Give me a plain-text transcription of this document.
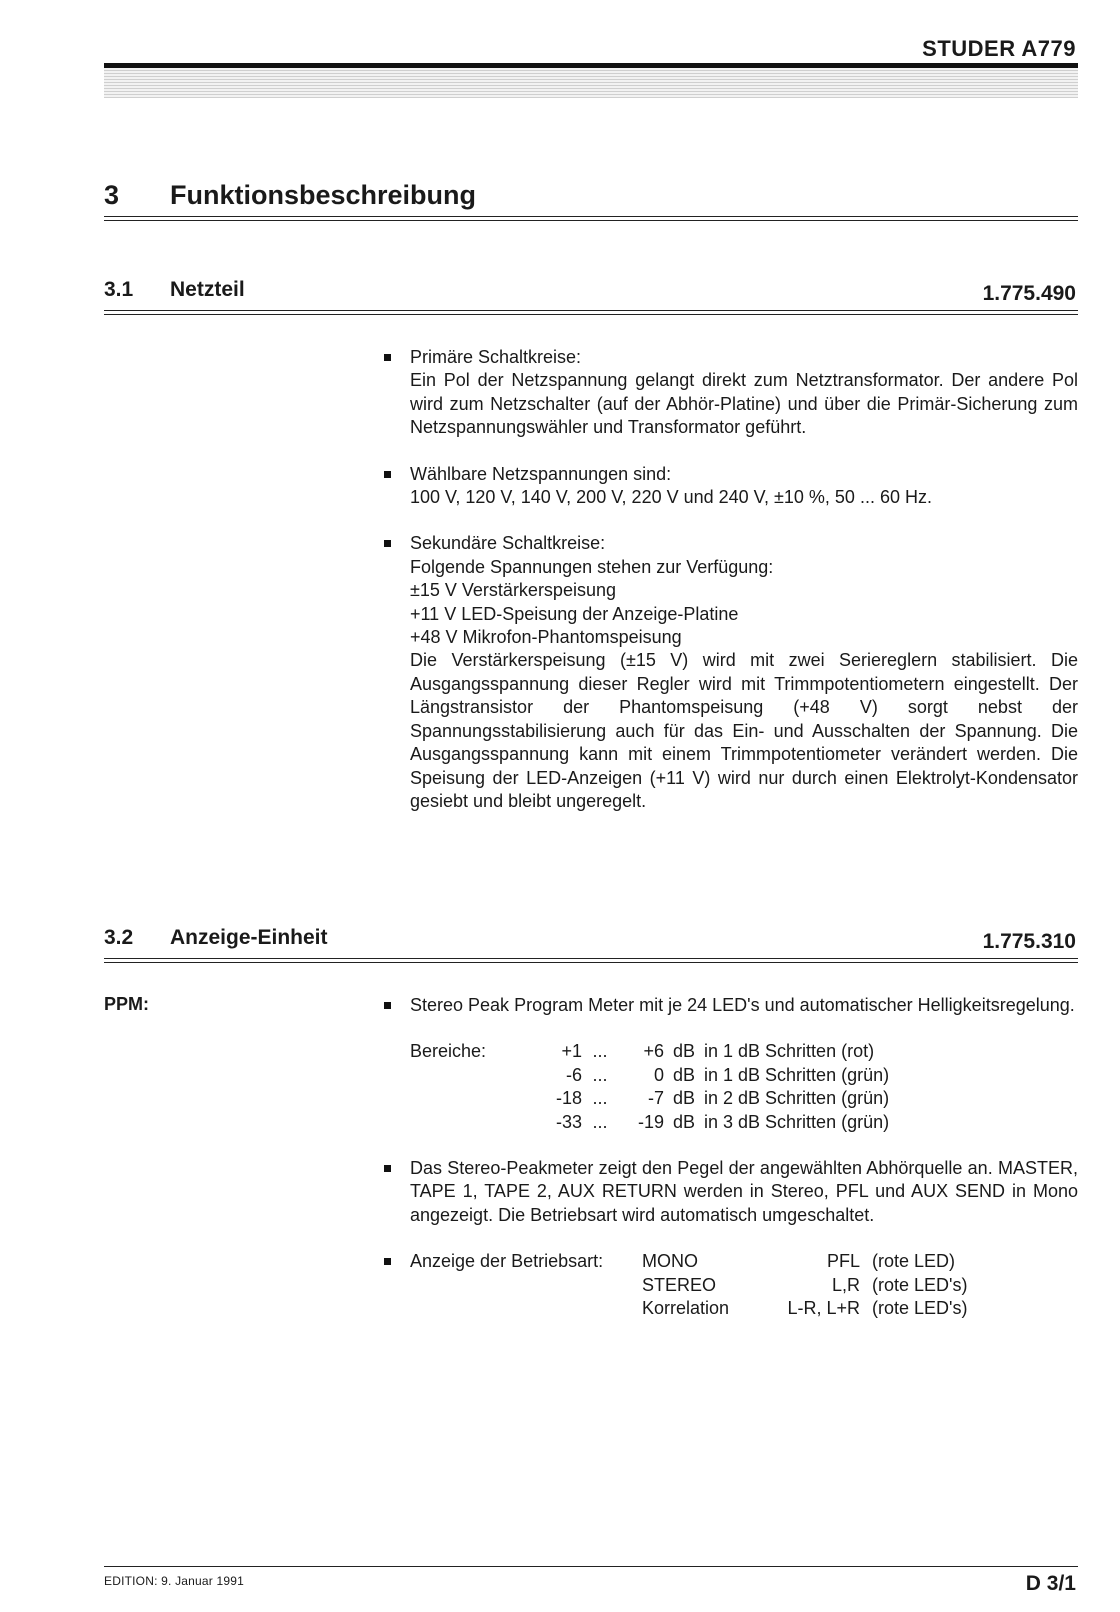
STUDER A779
3 Funktionsbeschreibung
3.1 Netzteil	1.775.490
Primäre Schaltkreise:
Ein Pol der Netzspannung gelangt direkt zum Netztransformator. Der andere Pol wird zum Netzschalter (auf der Abhör-Platine) und über die Primär-Sicherung zum Netzspannungswähler und Transformator geführt.
Wählbare Netzspannungen sind:
100 V, 120 V, 140 V, 200 V, 220 V und 240 V, ±10 %, 50 ... 60 Hz.
Sekundäre Schaltkreise:
Folgende Spannungen stehen zur Verfügung:
±15 V Verstärkerspeisung
+11 V LED-Speisung der Anzeige-Platine
+48 V Mikrofon-Phantomspeisung
Die Verstärkerspeisung (±15 V) wird mit zwei Seriereglern stabilisiert. Die Ausgangsspannung dieser Regler wird mit Trimmpotentiometern eingestellt. Der Längstransistor der Phantomspeisung (+48 V) sorgt nebst der Spannungsstabilisierung auch für das Ein- und Ausschalten der Spannung. Die Ausgangsspannung kann mit einem Trimmpotentiometer verändert werden. Die Speisung der LED-Anzeigen (+11 V) wird nur durch einen Elektrolyt-Kondensator gesiebt und bleibt ungeregelt.
3.2 Anzeige-Einheit	1.775.310
PPM:	Stereo Peak Program Meter mit je 24 LED's und automatischer Helligkeitsregelung.
Bereiche:	+1 ...	+6 dB in 1 dB Schritten (rot)
-6 ...	0 dB in 1 dB Schritten (grün)
-18 ...	-7 dB in 2 dB Schritten (grün)
-33 ...	-19 dB in 3 dB Schritten (grün)
Das Stereo-Peakmeter zeigt den Pegel der angewählten Abhörquelle an. MASTER, TAPE 1, TAPE 2, AUX RETURN werden in Stereo, PFL und AUX SEND in Mono angezeigt. Die Betriebsart wird automatisch umgeschaltet.
Anzeige der Betriebsart:	MONO	PFL (rote LED)
STEREO	L,R (rote LED's)
Korrelation	L-R, L+R (rote LED's)
EDITION: 9. Januar 1991	D 3/1
